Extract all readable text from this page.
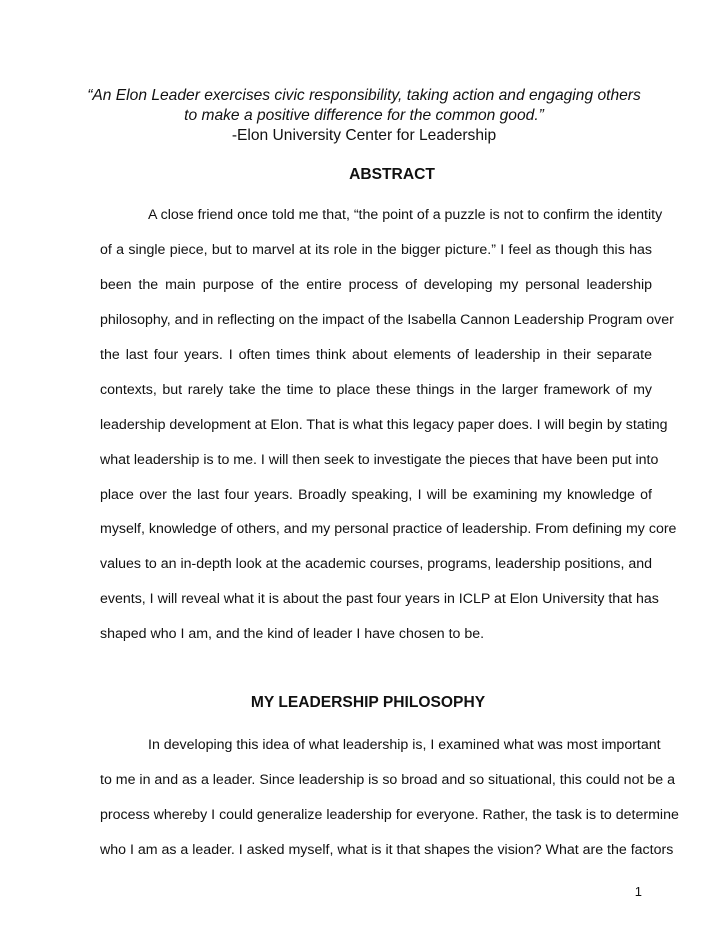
“An Elon Leader exercises civic responsibility, taking action and engaging others
to make a positive difference for the common good.”
-Elon University Center for Leadership
ABSTRACT
A close friend once told me that, “the point of a puzzle is not to confirm the identity
of a single piece, but to marvel at its role in the bigger picture.” I feel as though this has
been the main purpose of the entire process of developing my personal leadership
philosophy, and in reflecting on the impact of the Isabella Cannon Leadership Program over
the last four years. I often times think about elements of leadership in their separate
contexts, but rarely take the time to place these things in the larger framework of my
leadership development at Elon. That is what this legacy paper does. I will begin by stating
what leadership is to me. I will then seek to investigate the pieces that have been put into
place over the last four years. Broadly speaking, I will be examining my knowledge of
myself, knowledge of others, and my personal practice of leadership. From defining my core
values to an in-depth look at the academic courses, programs, leadership positions, and
events, I will reveal what it is about the past four years in ICLP at Elon University that has
shaped who I am, and the kind of leader I have chosen to be.
MY LEADERSHIP PHILOSOPHY
In developing this idea of what leadership is, I examined what was most important
to me in and as a leader. Since leadership is so broad and so situational, this could not be a
process whereby I could generalize leadership for everyone. Rather, the task is to determine
who I am as a leader. I asked myself, what is it that shapes the vision? What are the factors
1
